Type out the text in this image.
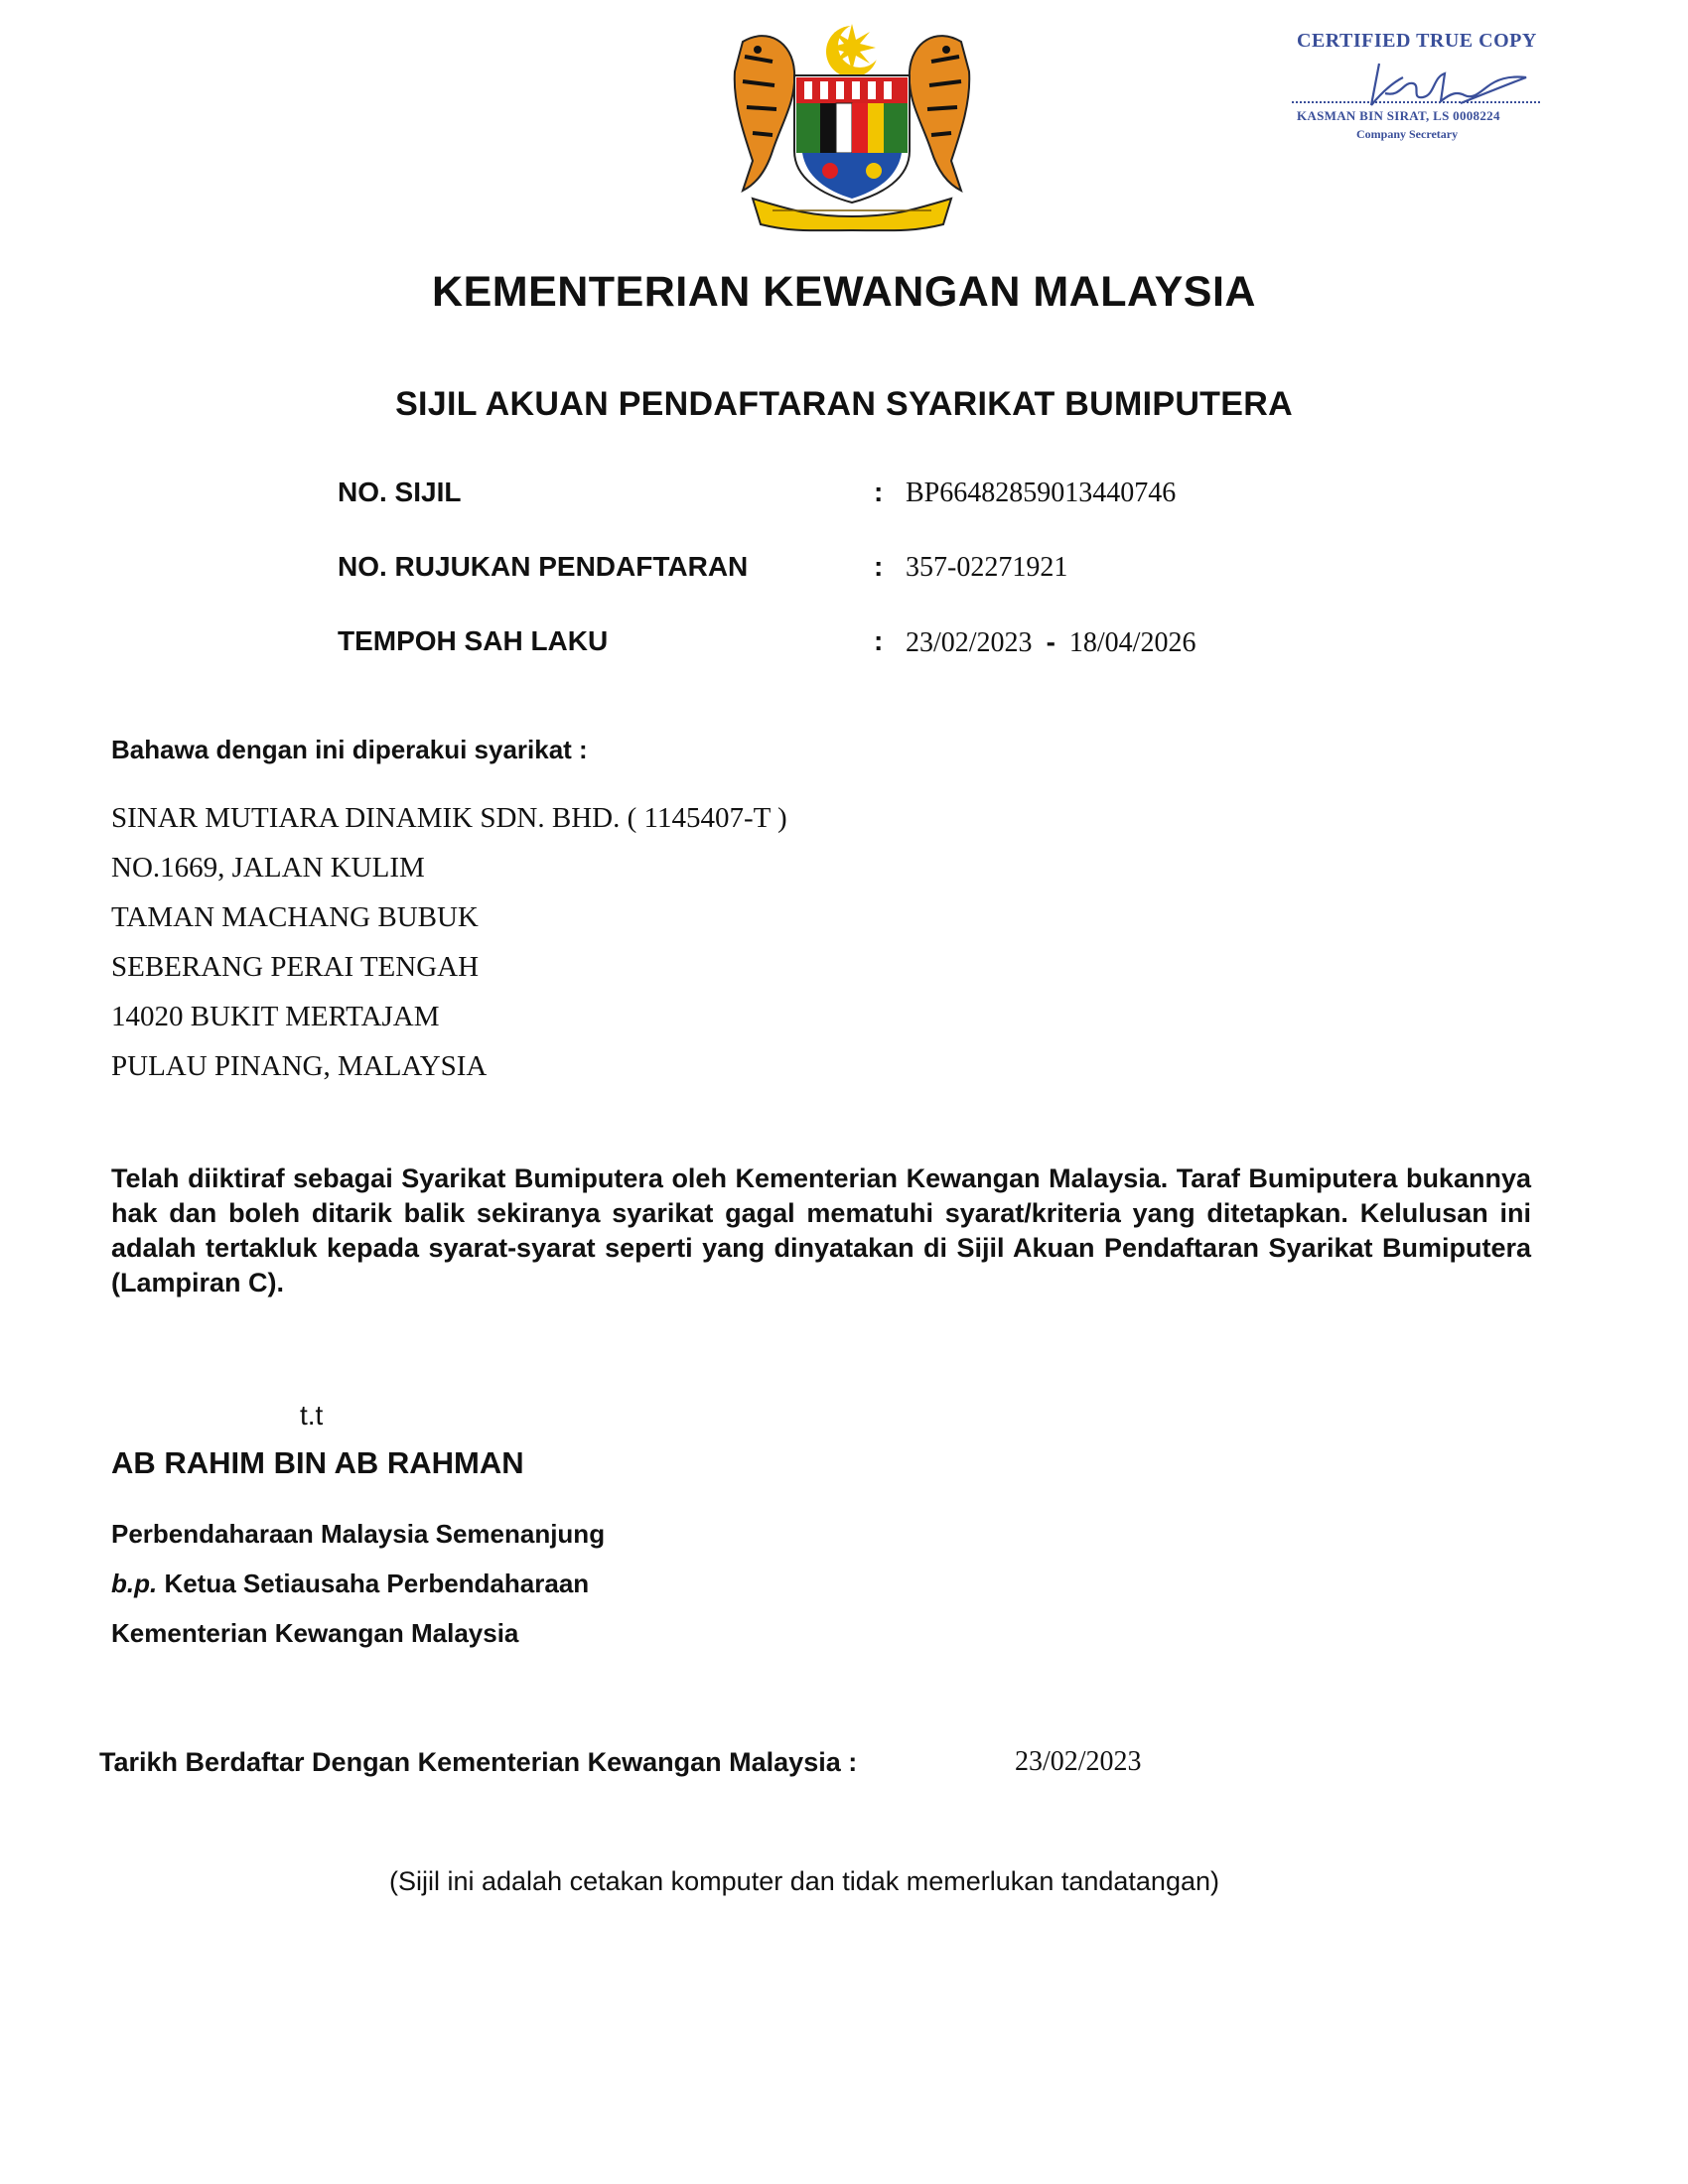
CERTIFIED TRUE COPY
KASMAN BIN SIRAT, LS 0008224
Company Secretary
KEMENTERIAN KEWANGAN MALAYSIA
SIJIL AKUAN PENDAFTARAN SYARIKAT BUMIPUTERA
NO. SIJIL	: BP66482859013440746
NO. RUJUKAN PENDAFTARAN	: 357-02271921
TEMPOH SAH LAKU	: 23/02/2023 - 18/04/2026
Bahawa dengan ini diperakui syarikat :
SINAR MUTIARA DINAMIK SDN. BHD. ( 1145407-T )
NO.1669, JALAN KULIM
TAMAN MACHANG BUBUK
SEBERANG PERAI TENGAH
14020 BUKIT MERTAJAM
PULAU PINANG, MALAYSIA
Telah diiktiraf sebagai Syarikat Bumiputera oleh Kementerian Kewangan Malaysia. Taraf Bumiputera bukannya hak dan boleh ditarik balik sekiranya syarikat gagal mematuhi syarat/kriteria yang ditetapkan. Kelulusan ini adalah tertakluk kepada syarat-syarat seperti yang dinyatakan di Sijil Akuan Pendaftaran Syarikat Bumiputera (Lampiran C).
t.t
AB RAHIM BIN AB RAHMAN
Perbendaharaan Malaysia Semenanjung
b.p. Ketua Setiausaha Perbendaharaan
Kementerian Kewangan Malaysia
Tarikh Berdaftar Dengan Kementerian Kewangan Malaysia :	23/02/2023
(Sijil ini adalah cetakan komputer dan tidak memerlukan tandatangan)
